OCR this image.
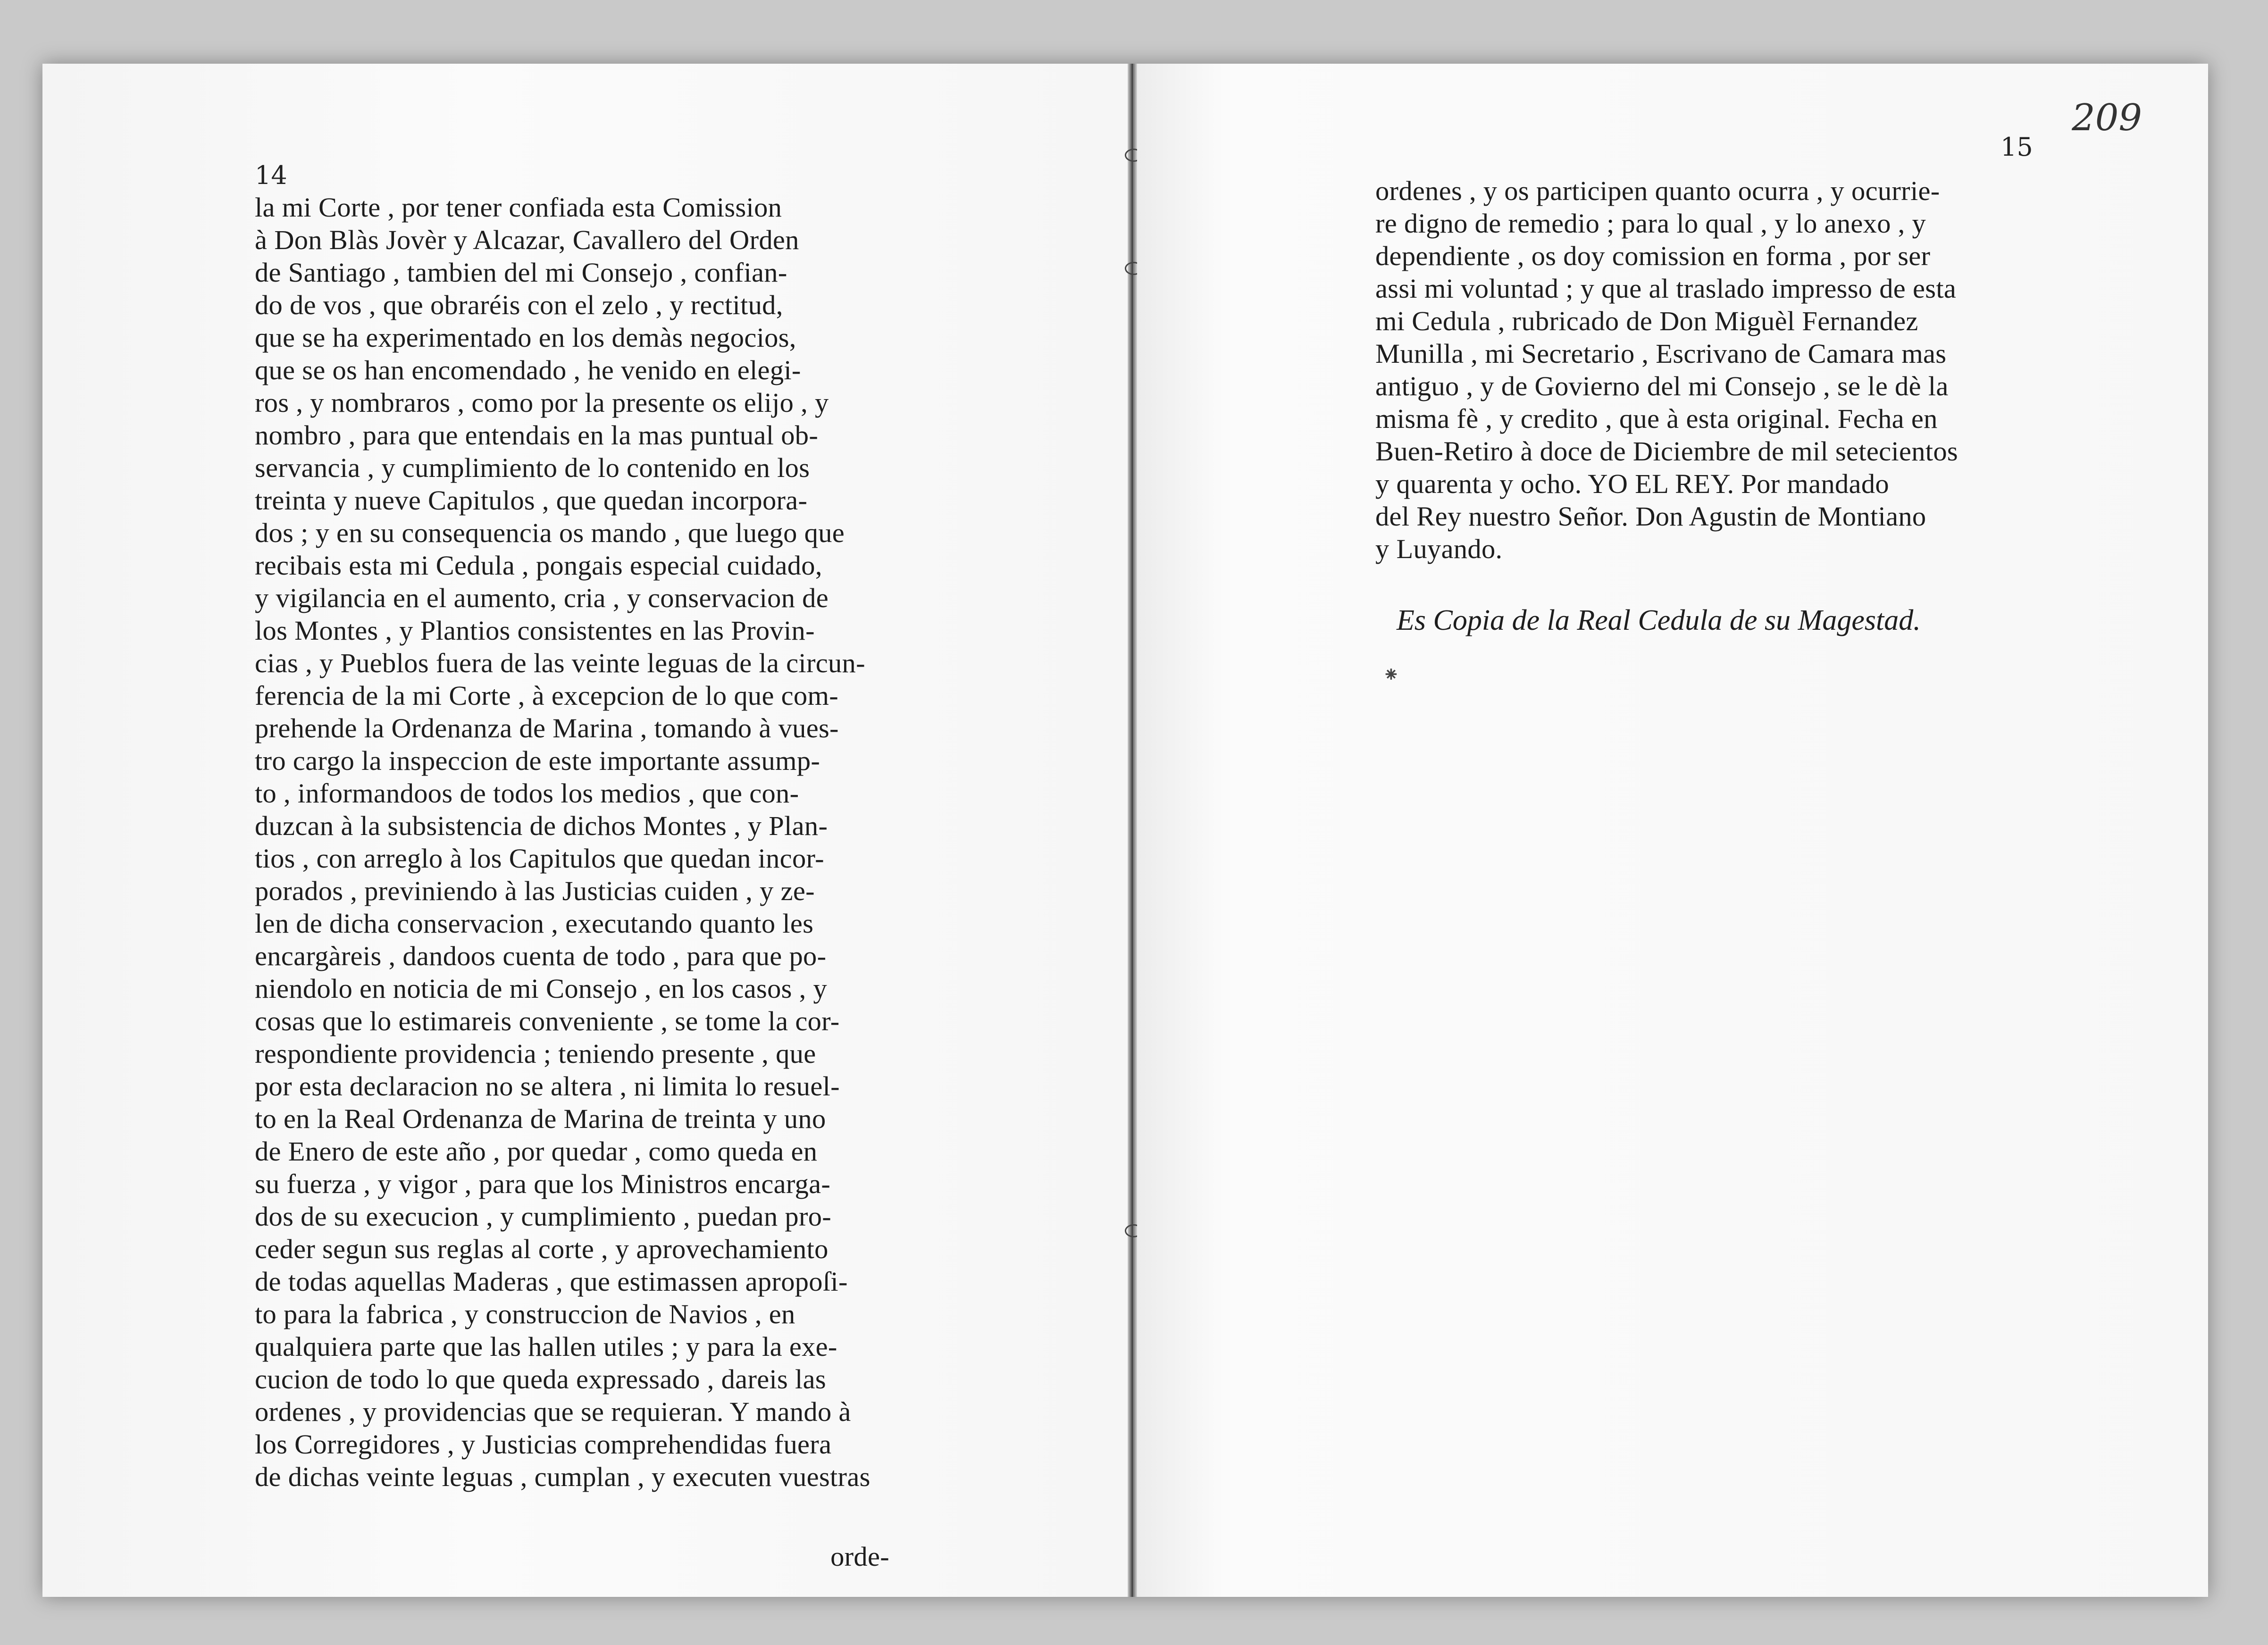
14
la mi Corte , por tener confiada esta Comission
à Don Blàs Jovèr y Alcazar, Cavallero del Orden
de Santiago , tambien del mi Consejo , confian-
do de vos , que obraréis con el zelo , y rectitud,
que se ha experimentado en los demàs negocios,
que se os han encomendado , he venido en elegi-
ros , y nombraros , como por la presente os elijo , y
nombro , para que entendais en la mas puntual ob-
servancia , y cumplimiento de lo contenido en los
treinta y nueve Capitulos , que quedan incorpora-
dos ; y en su consequencia os mando , que luego que
recibais esta mi Cedula , pongais especial cuidado,
y vigilancia en el aumento, cria , y conservacion de
los Montes , y Plantios consistentes en las Provin-
cias , y Pueblos fuera de las veinte leguas de la circun-
ferencia de la mi Corte , à excepcion de lo que com-
prehende la Ordenanza de Marina , tomando à vues-
tro cargo la inspeccion de este importante assump-
to , informandoos de todos los medios , que con-
duzcan à la subsistencia de dichos Montes , y Plan-
tios , con arreglo à los Capitulos que quedan incor-
porados , previniendo à las Justicias cuiden , y ze-
len de dicha conservacion , executando quanto les
encargàreis , dandoos cuenta de todo , para que po-
niendolo en noticia de mi Consejo , en los casos , y
cosas que lo estimareis conveniente , se tome la cor-
respondiente providencia ; teniendo presente , que
por esta declaracion no se altera , ni limita lo resuel-
to en la Real Ordenanza de Marina de treinta y uno
de Enero de este año , por quedar , como queda en
su fuerza , y vigor , para que los Ministros encarga-
dos de su execucion , y cumplimiento , puedan pro-
ceder segun sus reglas al corte , y aprovechamiento
de todas aquellas Maderas , que estimassen apropoſi-
to para la fabrica , y construccion de Navios , en
qualquiera parte que las hallen utiles ; y para la exe-
cucion de todo lo que queda expressado , dareis las
ordenes , y providencias que se requieran. Y mando à
los Corregidores , y Justicias comprehendidas fuera
de dichas veinte leguas , cumplan , y executen vuestras
orde-
209
15
ordenes , y os participen quanto ocurra , y ocurrie-
re digno de remedio ; para lo qual , y lo anexo , y
dependiente , os doy comission en forma , por ser
assi mi voluntad ; y que al traslado impresso de esta
mi Cedula , rubricado de Don Miguèl Fernandez
Munilla , mi Secretario , Escrivano de Camara mas
antiguo , y de Govierno del mi Consejo , se le dè la
misma fè , y credito , que à esta original. Fecha en
Buen-Retiro à doce de Diciembre de mil setecientos
y quarenta y ocho. YO EL REY. Por mandado
del Rey nuestro Señor. Don Agustin de Montiano
y Luyando.
Es Copia de la Real Cedula de su Magestad.
⁕
